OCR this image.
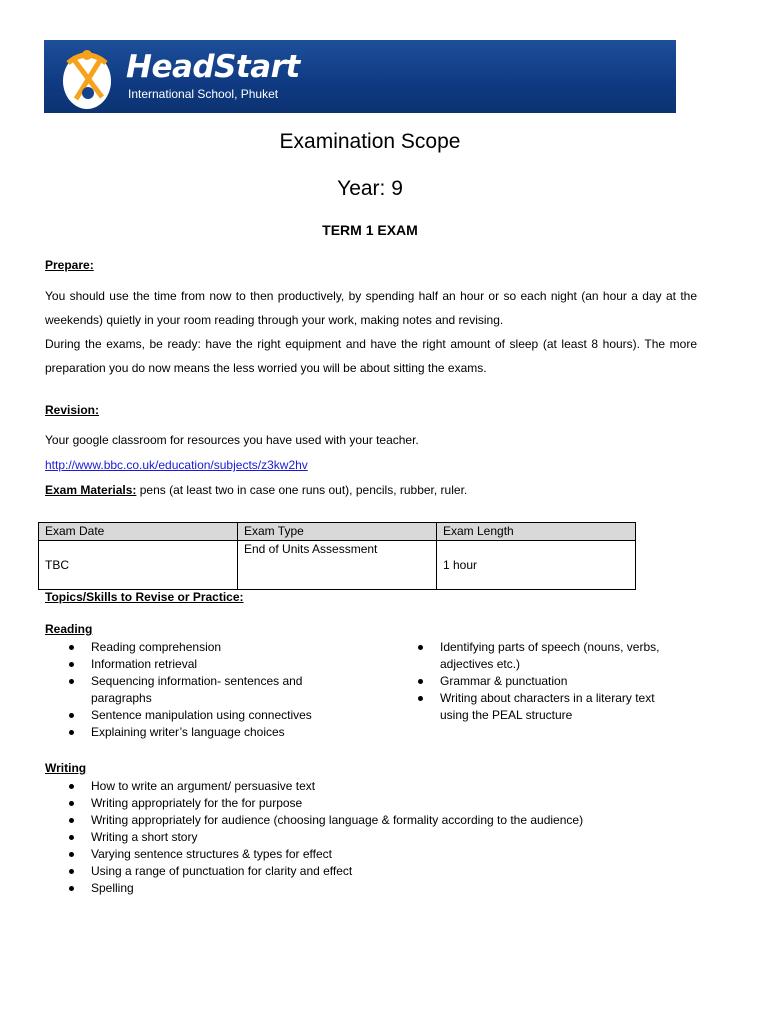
HeadStart
International School, Phuket
Examination Scope
Year: 9
TERM 1 EXAM
Prepare:
You should use the time from now to then productively, by spending half an hour or so each night (an hour a day at the weekends) quietly in your room reading through your work, making notes and revising.
During the exams, be ready: have the right equipment and have the right amount of sleep (at least 8 hours). The more preparation you do now means the less worried you will be about sitting the exams.
Revision:
Your google classroom for resources you have used with your teacher.
http://www.bbc.co.uk/education/subjects/z3kw2hv
Exam Materials: pens (at least two in case one runs out), pencils, rubber, ruler.
Exam Date	Exam Type	Exam Length
TBC	End of Units Assessment	1 hour
Topics/Skills to Revise or Practice:
Reading
Reading comprehension
Information retrieval
Sequencing information- sentences and paragraphs
Sentence manipulation using connectives
Explaining writer’s language choices
Identifying parts of speech (nouns, verbs, adjectives etc.)
Grammar & punctuation
Writing about characters in a literary text using the PEAL structure
Writing
How to write an argument/ persuasive text
Writing appropriately for the for purpose
Writing appropriately for audience (choosing language & formality according to the audience)
Writing a short story
Varying sentence structures & types for effect
Using a range of punctuation for clarity and effect
Spelling
